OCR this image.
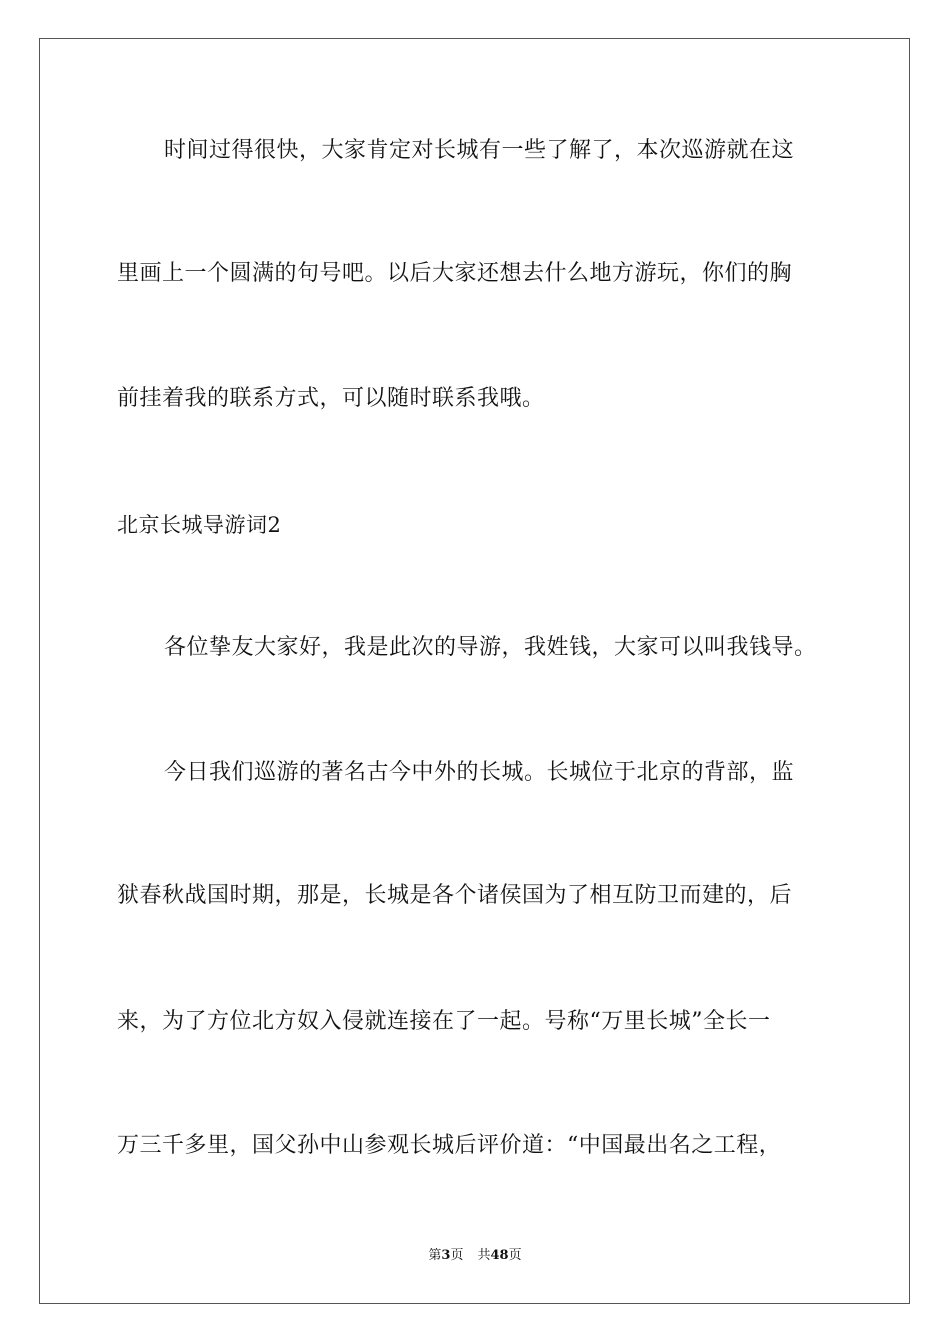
时间过得很快，大家肯定对长城有一些了解了，本次巡游就在这
里画上一个圆满的句号吧。以后大家还想去什么地方游玩，你们的胸
前挂着我的联系方式，可以随时联系我哦。
北京长城导游词2
各位挚友大家好，我是此次的导游，我姓钱，大家可以叫我钱导。
今日我们巡游的著名古今中外的长城。长城位于北京的背部，监
狱春秋战国时期，那是，长城是各个诸侯国为了相互防卫而建的，后
来，为了方位北方奴入侵就连接在了一起。号称“万里长城”全长一
万三千多里，国父孙中山参观长城后评价道：“中国最出名之工程，
第3页 共48页
